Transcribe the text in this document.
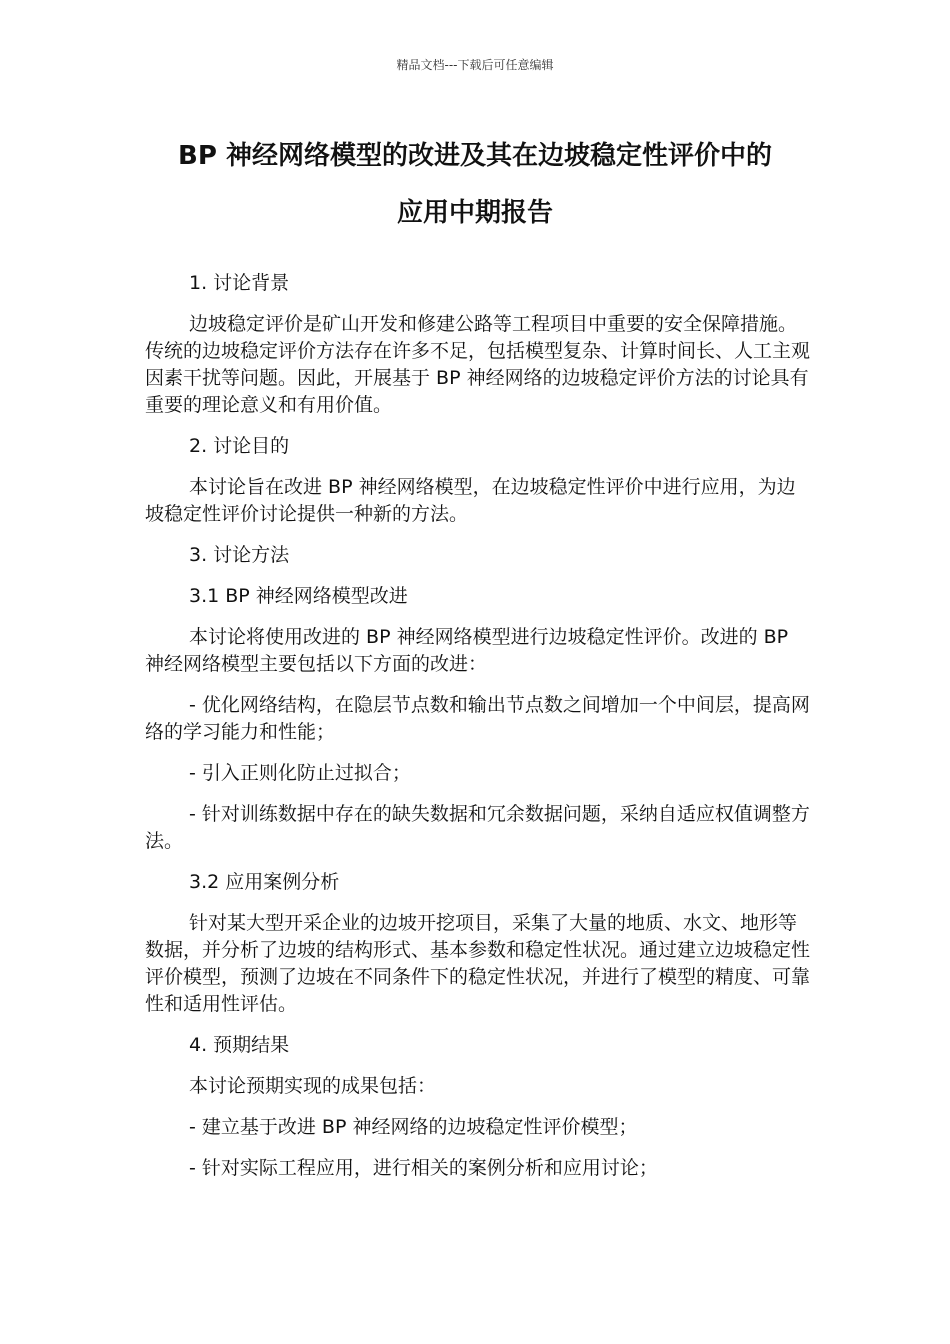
精品文档---下载后可任意编辑
BP 神经网络模型的改进及其在边坡稳定性评价中的
应用中期报告
1. 讨论背景
边坡稳定评价是矿山开发和修建公路等工程项目中重要的安全保障措施。传统的边坡稳定评价方法存在许多不足，包括模型复杂、计算时间长、人工主观因素干扰等问题。因此，开展基于 BP 神经网络的边坡稳定评价方法的讨论具有重要的理论意义和有用价值。
2. 讨论目的
本讨论旨在改进 BP 神经网络模型，在边坡稳定性评价中进行应用，为边坡稳定性评价讨论提供一种新的方法。
3. 讨论方法
3.1 BP 神经网络模型改进
本讨论将使用改进的 BP 神经网络模型进行边坡稳定性评价。改进的 BP 神经网络模型主要包括以下方面的改进：
- 优化网络结构，在隐层节点数和输出节点数之间增加一个中间层，提高网络的学习能力和性能；
- 引入正则化防止过拟合；
- 针对训练数据中存在的缺失数据和冗余数据问题，采纳自适应权值调整方法。
3.2 应用案例分析
针对某大型开采企业的边坡开挖项目，采集了大量的地质、水文、地形等数据，并分析了边坡的结构形式、基本参数和稳定性状况。通过建立边坡稳定性评价模型，预测了边坡在不同条件下的稳定性状况，并进行了模型的精度、可靠性和适用性评估。
4. 预期结果
本讨论预期实现的成果包括：
- 建立基于改进 BP 神经网络的边坡稳定性评价模型；
- 针对实际工程应用，进行相关的案例分析和应用讨论；
